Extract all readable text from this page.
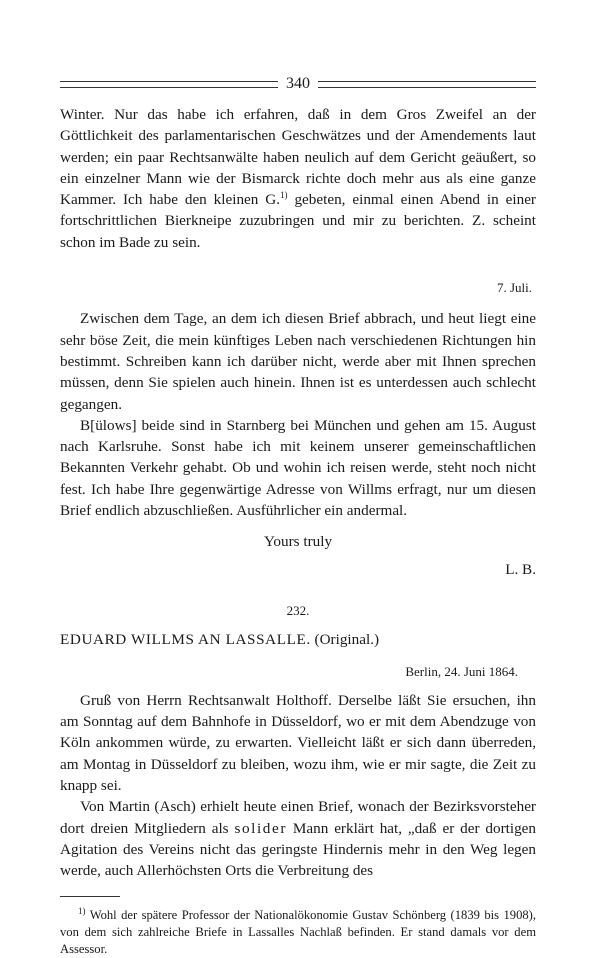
340

Winter. Nur das habe ich erfahren, daß in dem Gros Zweifel an der Göttlichkeit des parlamentarischen Geschwätzes und der Amendements laut werden; ein paar Rechtsanwälte haben neulich auf dem Gericht geäußert, so ein einzelner Mann wie der Bismarck richte doch mehr aus als eine ganze Kammer. Ich habe den kleinen G.$^{1)}$ gebeten, einmal einen Abend in einer fortschrittlichen Bierkneipe zuzubringen und mir zu berichten. Z. scheint schon im Bade zu sein.

7. Juli.

Zwischen dem Tage, an dem ich diesen Brief abbrach, und heut liegt eine sehr böse Zeit, die mein künftiges Leben nach verschiedenen Richtungen hin bestimmt. Schreiben kann ich darüber nicht, werde aber mit Ihnen sprechen müssen, denn Sie spielen auch hinein. Ihnen ist es unterdessen auch schlecht gegangen.

B[ülows] beide sind in Starnberg bei München und gehen am 15. August nach Karlsruhe. Sonst habe ich mit keinem unserer gemeinschaftlichen Bekannten Verkehr gehabt. Ob und wohin ich reisen werde, steht noch nicht fest. Ich habe Ihre gegenwärtige Adresse von Willms erfragt, nur um diesen Brief endlich abzuschließen. Ausführlicher ein andermal.

Yours truly

L. B.

232.

EDUARD WILLMS AN LASSALLE. (Original.)

Berlin, 24. Juni 1864.

Gruß von Herrn Rechtsanwalt Holthoff. Derselbe läßt Sie ersuchen, ihn am Sonntag auf dem Bahnhofe in Düsseldorf, wo er mit dem Abendzuge von Köln ankommen würde, zu erwarten. Vielleicht läßt er sich dann überreden, am Montag in Düsseldorf zu bleiben, wozu ihm, wie er mir sagte, die Zeit zu knapp sei.

Von Martin (Asch) erhielt heute einen Brief, wonach der Bezirksvorsteher dort dreien Mitgliedern als solider Mann erklärt hat, „daß er der dortigen Agitation des Vereins nicht das geringste Hindernis mehr in den Weg legen werde, auch Allerhöchsten Orts die Verbreitung des

$^{1)}$ Wohl der spätere Professor der Nationalökonomie Gustav Schönberg (1839 bis 1908), von dem sich zahlreiche Briefe in Lassalles Nachlaß befinden. Er stand damals vor dem Assessor.
